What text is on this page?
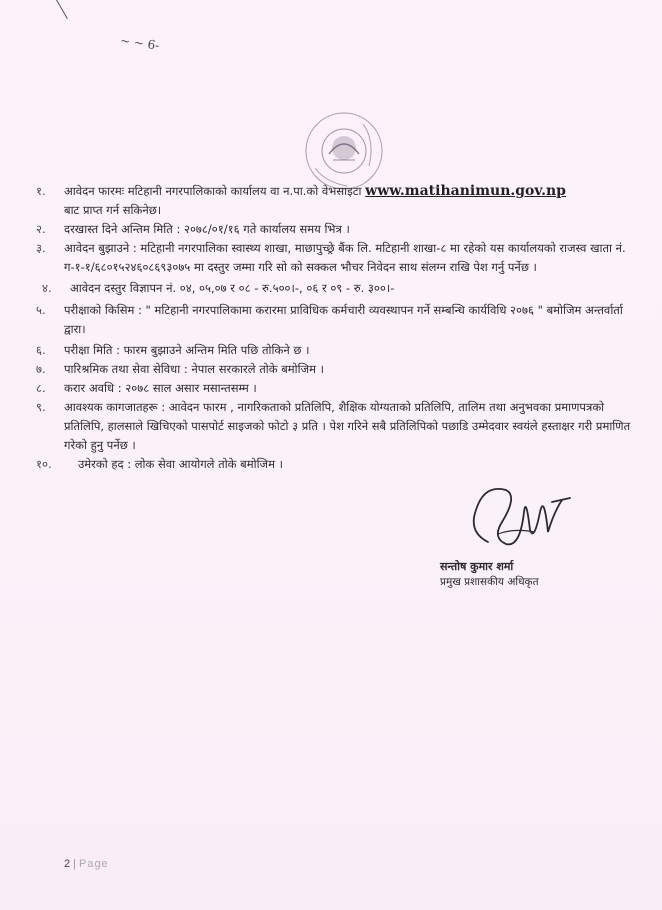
~ ~ 6-
१.	आवेदन फारमः मटिहानी नगरपालिकाको कार्यालय वा न.पा.को वेभसाइटा www.matihanimun.gov.np
बाट प्राप्त गर्न सकिनेछ।
२.	दरखास्त दिने अन्तिम मिति : २०७८/०१/१६ गते कार्यालय समय भित्र ।
३.	आवेदन बुझाउने : मटिहानी नगरपालिका स्वास्थ्य शाखा, माछापुच्छ्रे बैंक लि. मटिहानी शाखा-८ मा रहेको यस कार्यालयको राजस्व खाता नं. ग-१-१/६८०१५२४६०८६९३०७५ मा दस्तुर जम्मा गरि सो को सक्कल भौचर निवेदन साथ संलग्न राखि पेश गर्नु पर्नेछ ।
४.	आवेदन दस्तुर विज्ञापन नं. ०४, ०५,०७ र ०८ - रु.५००।-, ०६ र ०९ - रु. ३००।-
५.	परीक्षाको किसिम : " मटिहानी नगरपालिकामा करारमा प्राविधिक कर्मचारी व्यवस्थापन गर्ने सम्बन्धि कार्यविधि २०७६ " बमोजिम अन्तर्वार्ता द्वारा।
६.	परीक्षा मिति : फारम बुझाउने अन्तिम मिति पछि तोकिने छ ।
७.	पारिश्रमिक तथा सेवा सेविधा : नेपाल सरकारले तोके बमोजिम ।
८.	करार अवधि : २०७८ साल असार मसान्तसम्म ।
९.	आवश्यक कागजातहरू : आवेदन फारम , नागरिकताको प्रतिलिपि, शैक्षिक योग्यताको प्रतिलिपि, तालिम तथा अनुभवका प्रमाणपत्रको प्रतिलिपि, हालसाले खिचिएको पासपोर्ट साइजको फोटो ३ प्रति । पेश गरिने सबै प्रतिलिपिको पछाडि उम्मेदवार स्वयंले हस्ताक्षर गरी प्रमाणित गरेको हुनु पर्नेछ ।
१०.	उमेरको हद : लोक सेवा आयोगले तोके बमोजिम ।
सन्तोष कुमार शर्मा
प्रमुख प्रशासकीय अधिकृत
2 | Page
